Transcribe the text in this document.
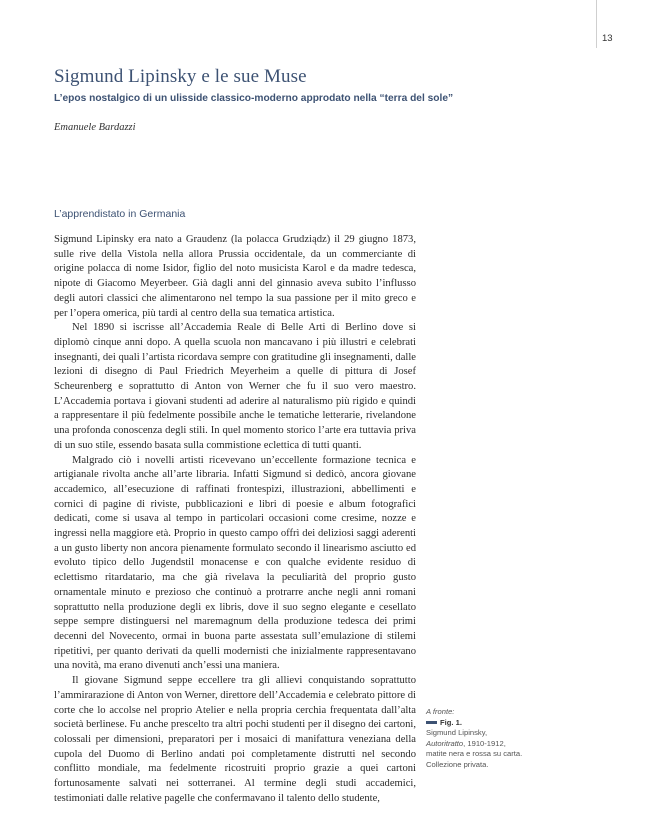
13
Sigmund Lipinsky e le sue Muse
L’epos nostalgico di un ulisside classico-moderno approdato nella “terra del sole”
Emanuele Bardazzi
L’apprendistato in Germania

Sigmund Lipinsky era nato a Graudenz (la polacca Grudziądz) il 29 giugno 1873, sulle rive della Vistola nella allora Prussia occidentale, da un commerciante di origine polacca di nome Isidor, figlio del noto musicista Karol e da madre tedesca, nipote di Giacomo Meyerbeer. Già dagli anni del ginnasio aveva subito l’influsso degli autori classici che alimentarono nel tempo la sua passione per il mito greco e per l’opera omerica, più tardi al centro della sua tematica artistica.

Nel 1890 si iscrisse all’Accademia Reale di Belle Arti di Berlino dove si diplomò cinque anni dopo. A quella scuola non mancavano i più illustri e celebrati insegnanti, dei quali l’artista ricordava sempre con gratitudine gli insegnamenti, dalle lezioni di disegno di Paul Friedrich Meyerheim a quelle di pittura di Josef Scheurenberg e soprattutto di Anton von Werner che fu il suo vero maestro. L’Accademia portava i giovani studenti ad aderire al naturalismo più rigido e quindi a rappresentare il più fedelmente possibile anche le tematiche letterarie, rivelandone una profonda conoscenza degli stili. In quel momento storico l’arte era tuttavia priva di un suo stile, essendo basata sulla commistione eclettica di tutti quanti.

Malgrado ciò i novelli artisti ricevevano un’eccellente formazione tecnica e artigianale rivolta anche all’arte libraria. Infatti Sigmund si dedicò, ancora giovane accademico, all’esecuzione di raffinati frontespizi, illustrazioni, abbellimenti e cornici di pagine di riviste, pubblicazioni e libri di poesie e album fotografici dedicati, come si usava al tempo in particolari occasioni come cresime, nozze e ingressi nella maggiore età. Proprio in questo campo offrì dei deliziosi saggi aderenti a un gusto liberty non ancora pienamente formulato secondo il linearismo asciutto ed evoluto tipico dello Jugendstil monacense e con qualche evidente residuo di eclettismo ritardatario, ma che già rivelava la peculiarità del proprio gusto ornamentale minuto e prezioso che continuò a protrarre anche negli anni romani soprattutto nella produzione degli ex libris, dove il suo segno elegante e cesellato seppe sempre distinguersi nel maremagnum della produzione tedesca dei primi decenni del Novecento, ormai in buona parte assestata sull’emulazione di stilemi ripetitivi, per quanto derivati da quelli modernisti che inizialmente rappresentavano una novità, ma erano divenuti anch’essi una maniera.

Il giovane Sigmund seppe eccellere tra gli allievi conquistando soprattutto l’ammirarazione di Anton von Werner, direttore dell’Accademia e celebrato pittore di corte che lo accolse nel proprio Atelier e nella propria cerchia frequentata dall’alta società berlinese. Fu anche prescelto tra altri pochi studenti per il disegno dei cartoni, colossali per dimensioni, preparatori per i mosaici di manifattura veneziana della cupola del Duomo di Berlino andati poi completamente distrutti nel secondo conflitto mondiale, ma fedelmente ricostruiti proprio grazie a quei cartoni fortunosamente salvati nei sotterranei. Al termine degli studi accademici, testimoniati dalle relative pagelle che confermavano il talento dello studente,

A fronte:
Fig. 1.
Sigmund Lipinsky,
Autoritratto, 1910-1912,
matite nera e rossa su carta.
Collezione privata.
